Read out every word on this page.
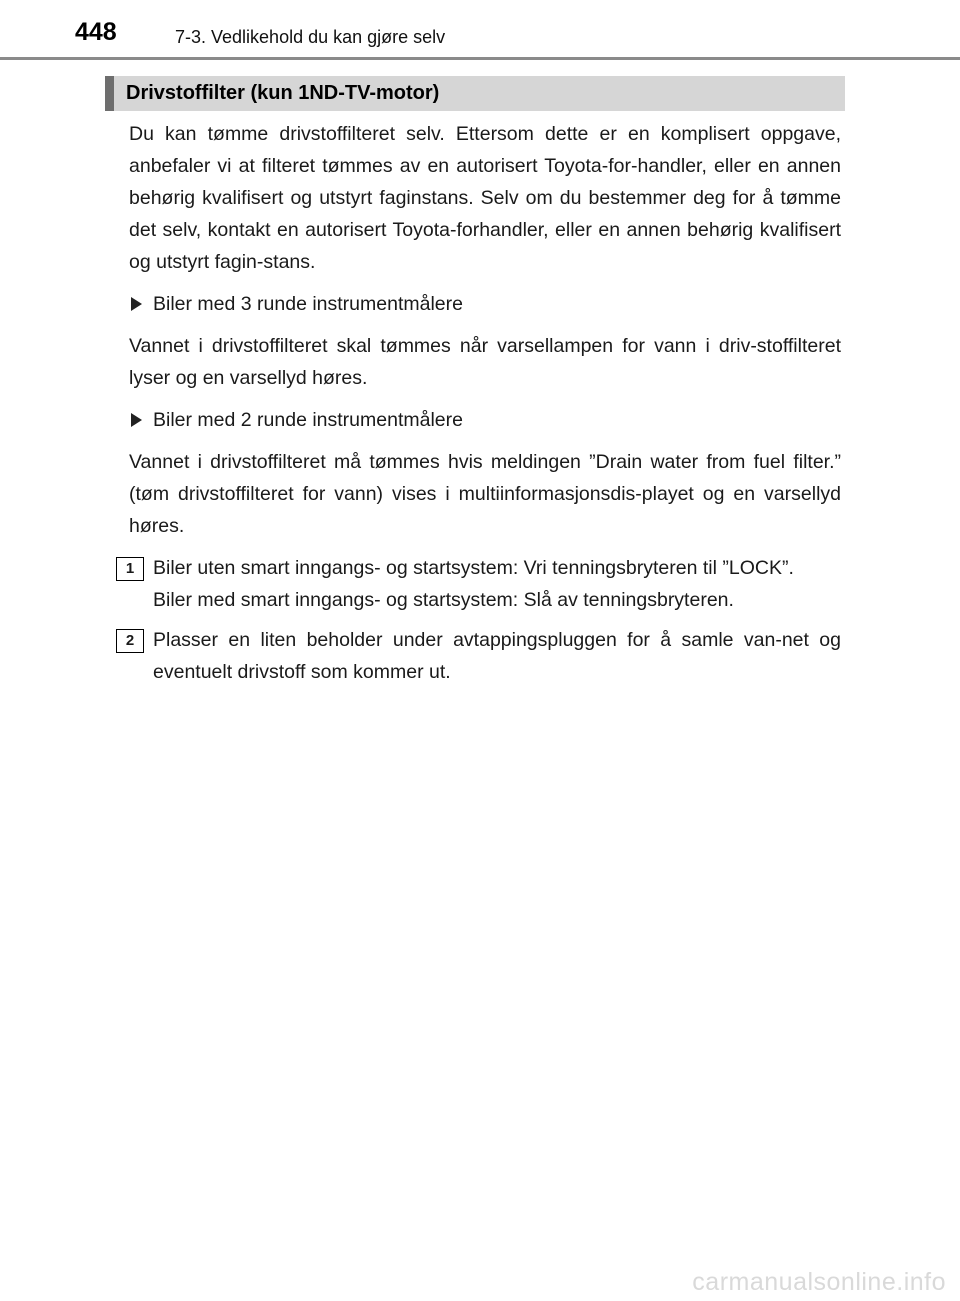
448	7-3. Vedlikehold du kan gjøre selv
Drivstoffilter (kun 1ND-TV-motor)

Du kan tømme drivstoffilteret selv. Ettersom dette er en komplisert oppgave, anbefaler vi at filteret tømmes av en autorisert Toyota-for-handler, eller en annen behørig kvalifisert og utstyrt faginstans. Selv om du bestemmer deg for å tømme det selv, kontakt en autorisert Toyota-forhandler, eller en annen behørig kvalifisert og utstyrt fagin-stans.

Biler med 3 runde instrumentmålere

Vannet i drivstoffilteret skal tømmes når varsellampen for vann i driv-stoffilteret lyser og en varsellyd høres.

Biler med 2 runde instrumentmålere

Vannet i drivstoffilteret må tømmes hvis meldingen ”Drain water from fuel filter.” (tøm drivstoffilteret for vann) vises i multiinformasjonsdis-playet og en varsellyd høres.

1 Biler uten smart inngangs- og startsystem: Vri tenningsbryteren til ”LOCK”.
Biler med smart inngangs- og startsystem: Slå av tenningsbryteren.
2 Plasser en liten beholder under avtappingspluggen for å samle van-net og eventuelt drivstoff som kommer ut.
carmanualsonline.info
